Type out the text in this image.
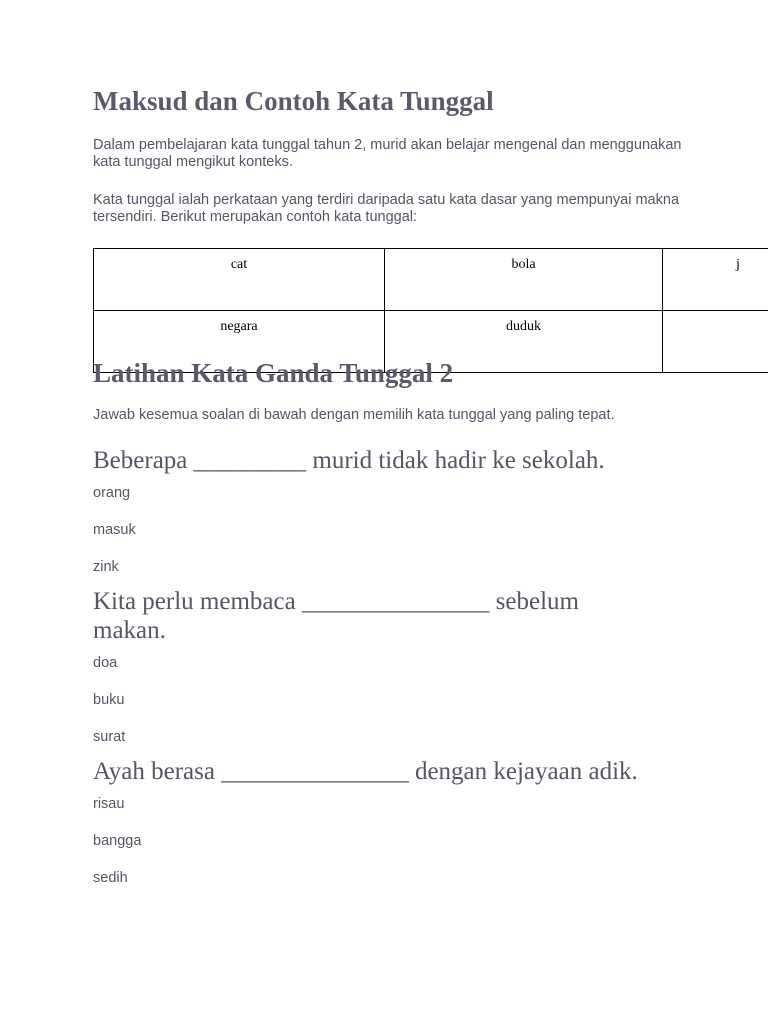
Maksud dan Contoh Kata Tunggal

Dalam pembelajaran kata tunggal tahun 2, murid akan belajar mengenal dan menggunakan kata tunggal mengikut konteks.

Kata tunggal ialah perkataan yang terdiri daripada satu kata dasar yang mempunyai makna tersendiri. Berikut merupakan contoh kata tunggal:

cat	bola	j
negara	duduk	
Latihan Kata Ganda Tunggal 2

Jawab kesemua soalan di bawah dengan memilih kata tunggal yang paling tepat.

Beberapa _________ murid tidak hadir ke sekolah.

orang

masuk

zink

Kita perlu membaca _______________ sebelum makan.

doa

buku

surat

Ayah berasa _______________ dengan kejayaan adik.

risau

bangga

sedih
